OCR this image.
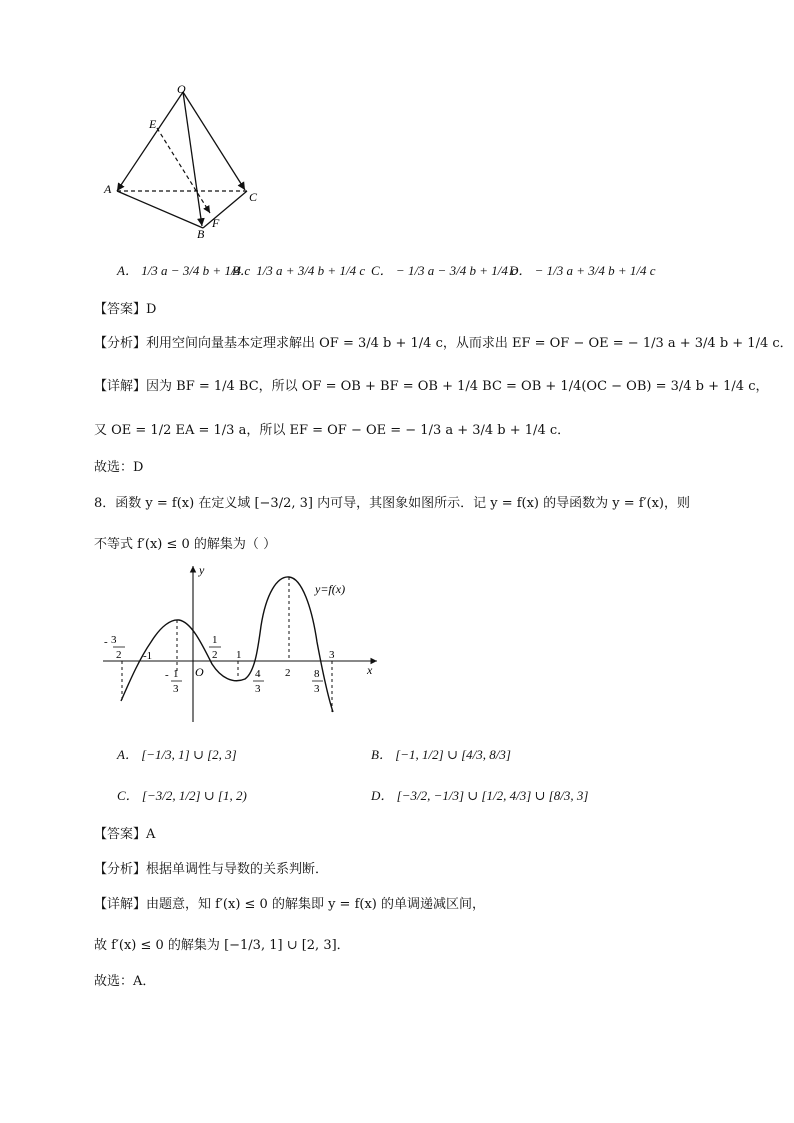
O
E
A
C
F
B
A． 1/3 a − 3/4 b + 1/4 c
B． 1/3 a + 3/4 b + 1/4 c C． − 1/3 a − 3/4 b + 1/4 c
D． − 1/3 a + 3/4 b + 1/4 c
【答案】D
【分析】利用空间向量基本定理求解出 OF = 3/4 b + 1/4 c，从而求出 EF = OF − OE = − 1/3 a + 3/4 b + 1/4 c．
【详解】因为 BF = 1/4 BC，所以 OF = OB + BF = OB + 1/4 BC = OB + 1/4(OC − OB) = 3/4 b + 1/4 c，
又 OE = 1/2 EA = 1/3 a，所以 EF = OF − OE = − 1/3 a + 3/4 b + 1/4 c．
故选：D
8．函数 y = f(x) 在定义域 [−3/2, 3] 内可导，其图象如图所示．记 y = f(x) 的导函数为 y = f′(x)，则
不等式 f′(x) ≤ 0 的解集为（ ）
y
x
y=f(x)
O
3
-
2 -1
- 1
3
1
2 1
4
3
2 8
3
3
A． [−1/3, 1] ∪ [2, 3]	B． [−1, 1/2] ∪ [4/3, 8/3]
C． [−3/2, 1/2] ∪ [1, 2)	D． [−3/2, −1/3] ∪ [1/2, 4/3] ∪ [8/3, 3]
【答案】A
【分析】根据单调性与导数的关系判断．
【详解】由题意，知 f′(x) ≤ 0 的解集即 y = f(x) 的单调递减区间，
故 f′(x) ≤ 0 的解集为 [−1/3, 1] ∪ [2, 3]．
故选：A．
